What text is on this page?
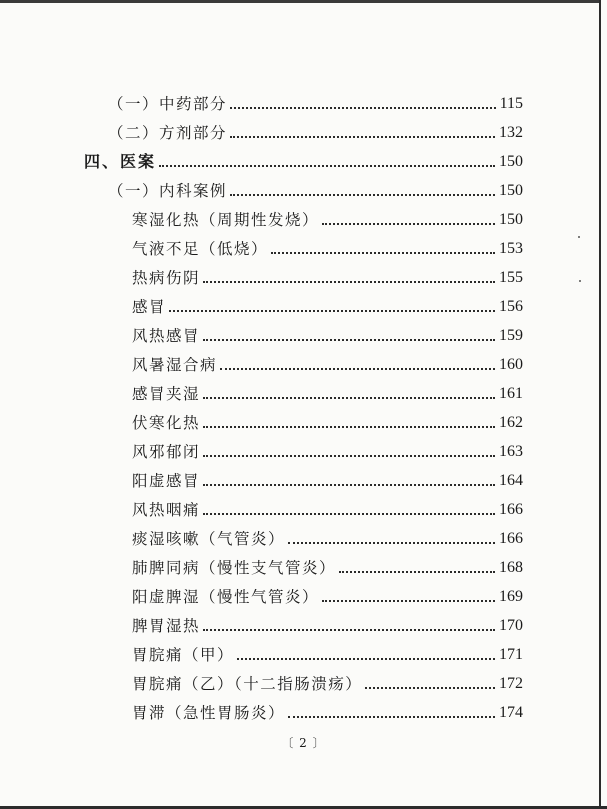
（一）中药部分	115
（二）方剂部分	132
四、医案	150
（一）内科案例	150
寒湿化热（周期性发烧）	150
气液不足（低烧）	153
热病伤阴	155
感冒	156
风热感冒	159
风暑湿合病	160
感冒夹湿	161
伏寒化热	162
风邪郁闭	163
阳虚感冒	164
风热咽痛	166
痰湿咳嗽（气管炎）	166
肺脾同病（慢性支气管炎）	168
阳虚脾湿（慢性气管炎）	169
脾胃湿热	170
胃脘痛（甲）	171
胃脘痛（乙）（十二指肠溃疡）	172
胃滞（急性胃肠炎）	174
〔 2 〕
